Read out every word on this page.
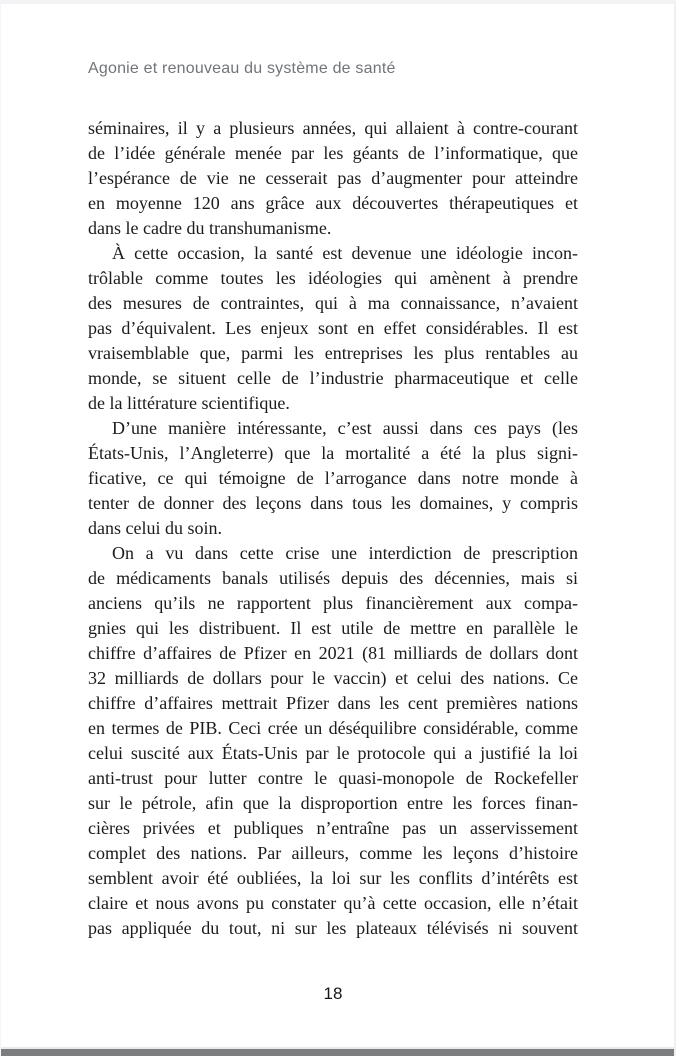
Agonie et renouveau du système de santé
séminaires, il y a plusieurs années, qui allaient à contre-courant
de l’idée générale menée par les géants de l’informatique, que
l’espérance de vie ne cesserait pas d’augmenter pour atteindre
en moyenne 120 ans grâce aux découvertes thérapeutiques et
dans le cadre du transhumanisme.
À cette occasion, la santé est devenue une idéologie incon-
trôlable comme toutes les idéologies qui amènent à prendre
des mesures de contraintes, qui à ma connaissance, n’avaient
pas d’équivalent. Les enjeux sont en effet considérables. Il est
vraisemblable que, parmi les entreprises les plus rentables au
monde, se situent celle de l’industrie pharmaceutique et celle
de la littérature scientifique.
D’une manière intéressante, c’est aussi dans ces pays (les
États-Unis, l’Angleterre) que la mortalité a été la plus signi-
ficative, ce qui témoigne de l’arrogance dans notre monde à
tenter de donner des leçons dans tous les domaines, y compris
dans celui du soin.
On a vu dans cette crise une interdiction de prescription
de médicaments banals utilisés depuis des décennies, mais si
anciens qu’ils ne rapportent plus financièrement aux compa-
gnies qui les distribuent. Il est utile de mettre en parallèle le
chiffre d’affaires de Pfizer en 2021 (81 milliards de dollars dont
32 milliards de dollars pour le vaccin) et celui des nations. Ce
chiffre d’affaires mettrait Pfizer dans les cent premières nations
en termes de PIB. Ceci crée un déséquilibre considérable, comme
celui suscité aux États-Unis par le protocole qui a justifié la loi
anti-trust pour lutter contre le quasi-monopole de Rockefeller
sur le pétrole, afin que la disproportion entre les forces finan-
cières privées et publiques n’entraîne pas un asservissement
complet des nations. Par ailleurs, comme les leçons d’histoire
semblent avoir été oubliées, la loi sur les conflits d’intérêts est
claire et nous avons pu constater qu’à cette occasion, elle n’était
pas appliquée du tout, ni sur les plateaux télévisés ni souvent
18
